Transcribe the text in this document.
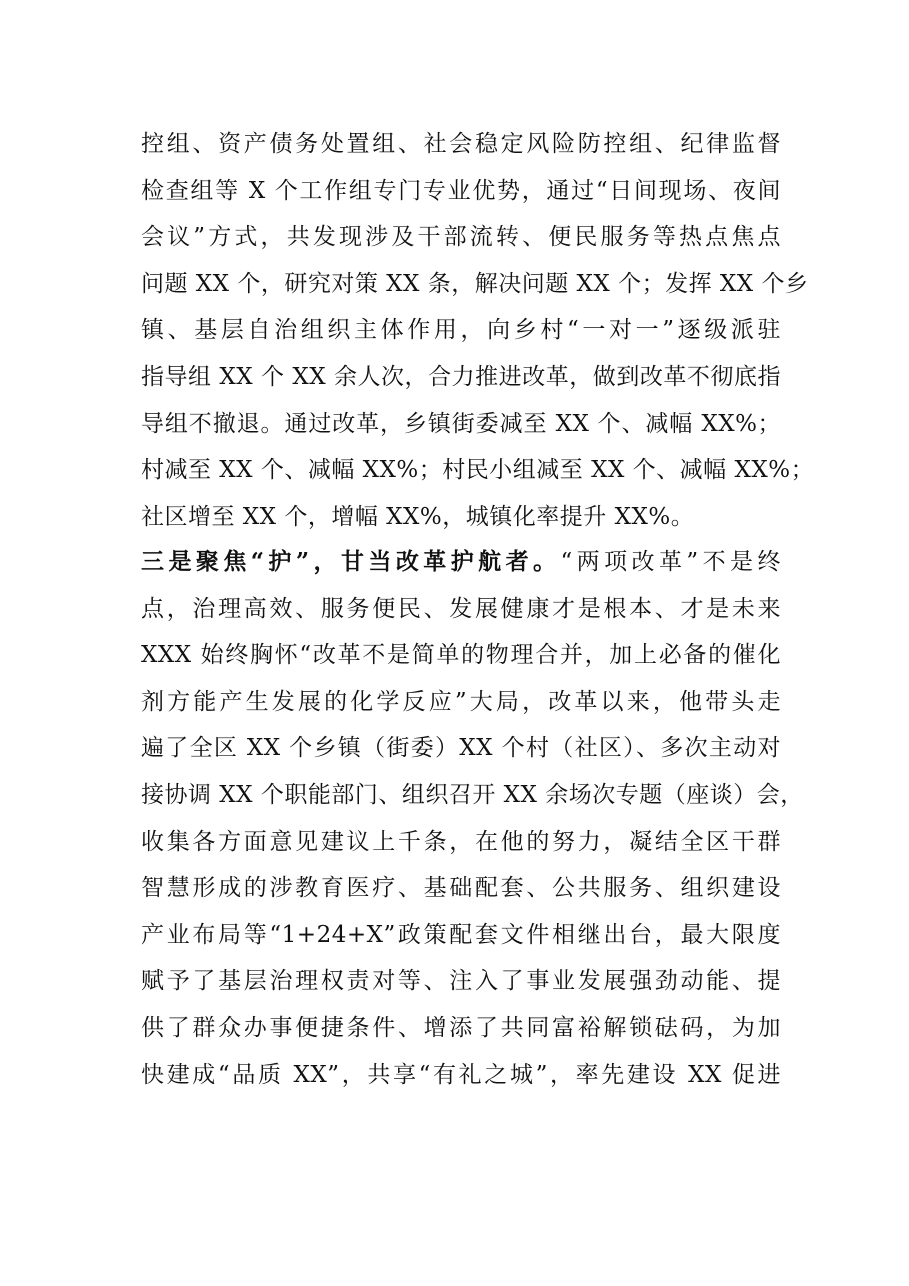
控组、资产债务处置组、社会稳定风险防控组、纪律监督
检查组等 X 个工作组专门专业优势，通过“日间现场、夜间
会议”方式，共发现涉及干部流转、便民服务等热点焦点
问题 XX 个，研究对策 XX 条，解决问题 XX 个；发挥 XX 个乡
镇、基层自治组织主体作用，向乡村“一对一”逐级派驻
指导组 XX 个 XX 余人次，合力推进改革，做到改革不彻底指
导组不撤退。通过改革，乡镇街委减至 XX 个、减幅 XX%；
村减至 XX 个、减幅 XX%；村民小组减至 XX 个、减幅 XX%；
社区增至 XX 个，增幅 XX%，城镇化率提升 XX%。
三是聚焦“护”，甘当改革护航者。“两项改革”不是终
点，治理高效、服务便民、发展健康才是根本、才是未来
XXX 始终胸怀“改革不是简单的物理合并，加上必备的催化
剂方能产生发展的化学反应”大局，改革以来，他带头走
遍了全区 XX 个乡镇（街委）XX 个村（社区）、多次主动对
接协调 XX 个职能部门、组织召开 XX 余场次专题（座谈）会，
收集各方面意见建议上千条，在他的努力，凝结全区干群
智慧形成的涉教育医疗、基础配套、公共服务、组织建设
产业布局等“1+24+X”政策配套文件相继出台，最大限度
赋予了基层治理权责对等、注入了事业发展强劲动能、提
供了群众办事便捷条件、增添了共同富裕解锁砝码，为加
快建成“品质 XX”，共享“有礼之城”，率先建设 XX 促进
